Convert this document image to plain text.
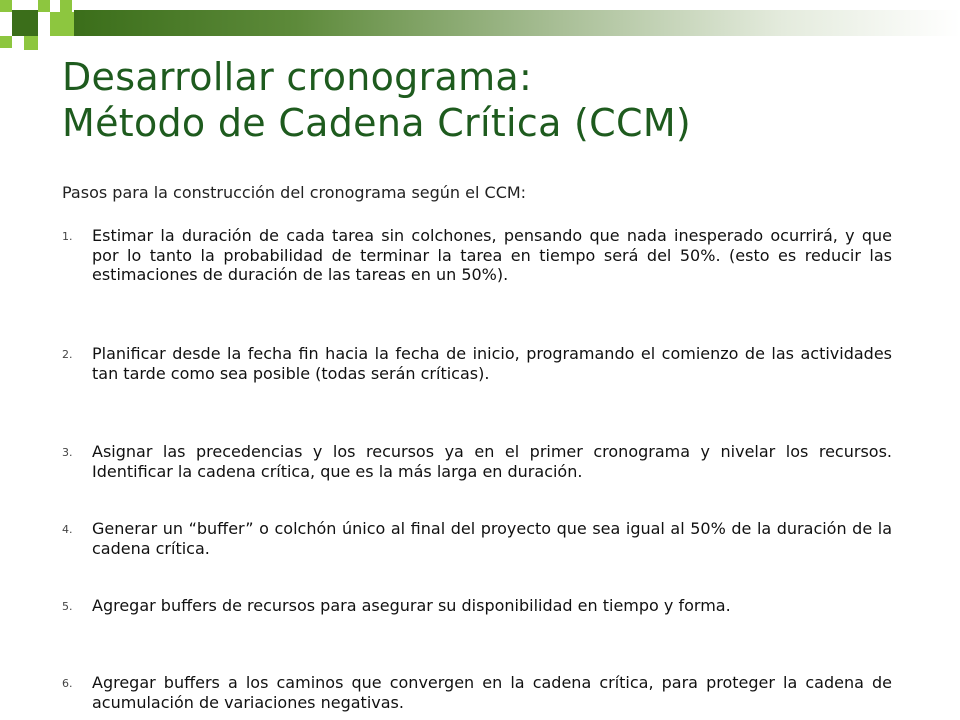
Desarrollar cronograma:
Método de Cadena Crítica (CCM)

Pasos para la construcción del cronograma según el CCM:

1. Estimar la duración de cada tarea sin colchones, pensando que nada inesperado ocurrirá, y que por lo tanto la probabilidad de terminar la tarea en tiempo será del 50%. (esto es reducir las estimaciones de duración de las tareas en un 50%).
2. Planificar desde la fecha fin hacia la fecha de inicio, programando el comienzo de las actividades tan tarde como sea posible (todas serán críticas).
3. Asignar las precedencias y los recursos ya en el primer cronograma y nivelar los recursos. Identificar la cadena crítica, que es la más larga en duración.
4. Generar un “buffer” o colchón único al final del proyecto que sea igual al 50% de la duración de la cadena crítica.
5. Agregar buffers de recursos para asegurar su disponibilidad en tiempo y forma.
6. Agregar buffers a los caminos que convergen en la cadena crítica, para proteger la cadena de acumulación de variaciones negativas.
